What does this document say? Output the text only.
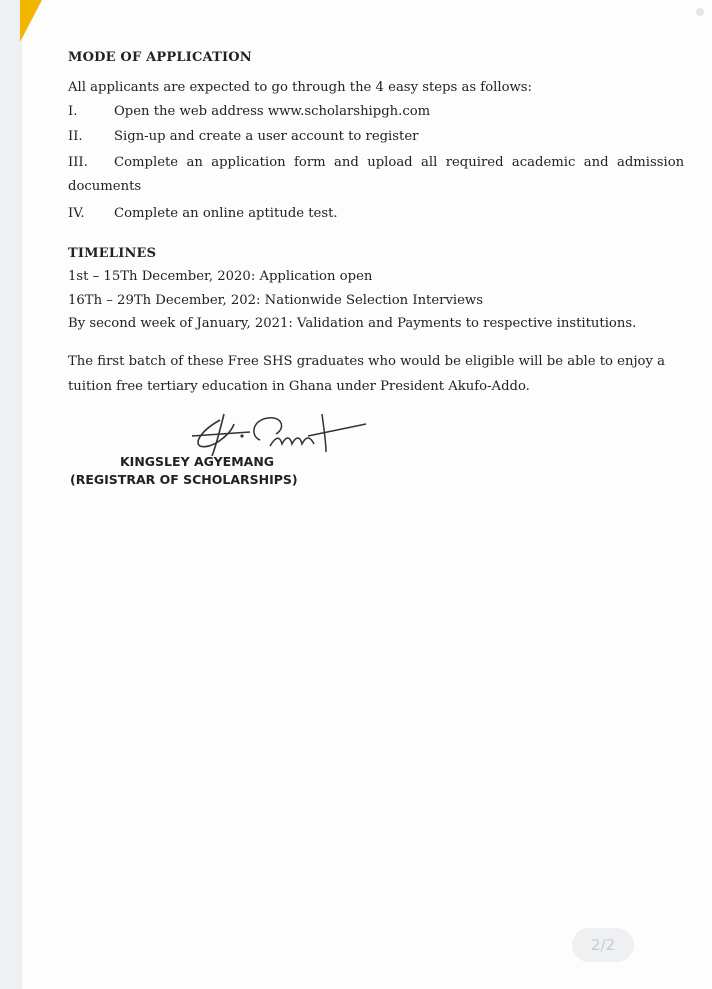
MODE OF APPLICATION
All applicants are expected to go through the 4 easy steps as follows:
I.	Open the web address www.scholarshipgh.com
II. Sign-up and create a user account to register
III. Complete an application form and upload all required academic and admission
documents
IV. Complete an online aptitude test.
TIMELINES
1st – 15Th December, 2020: Application open
16Th – 29Th December, 202: Nationwide Selection Interviews
By second week of January, 2021: Validation and Payments to respective institutions.
The first batch of these Free SHS graduates who would be eligible will be able to enjoy a
tuition free tertiary education in Ghana under President Akufo-Addo.
KINGSLEY AGYEMANG
(REGISTRAR OF SCHOLARSHIPS)
2/2
